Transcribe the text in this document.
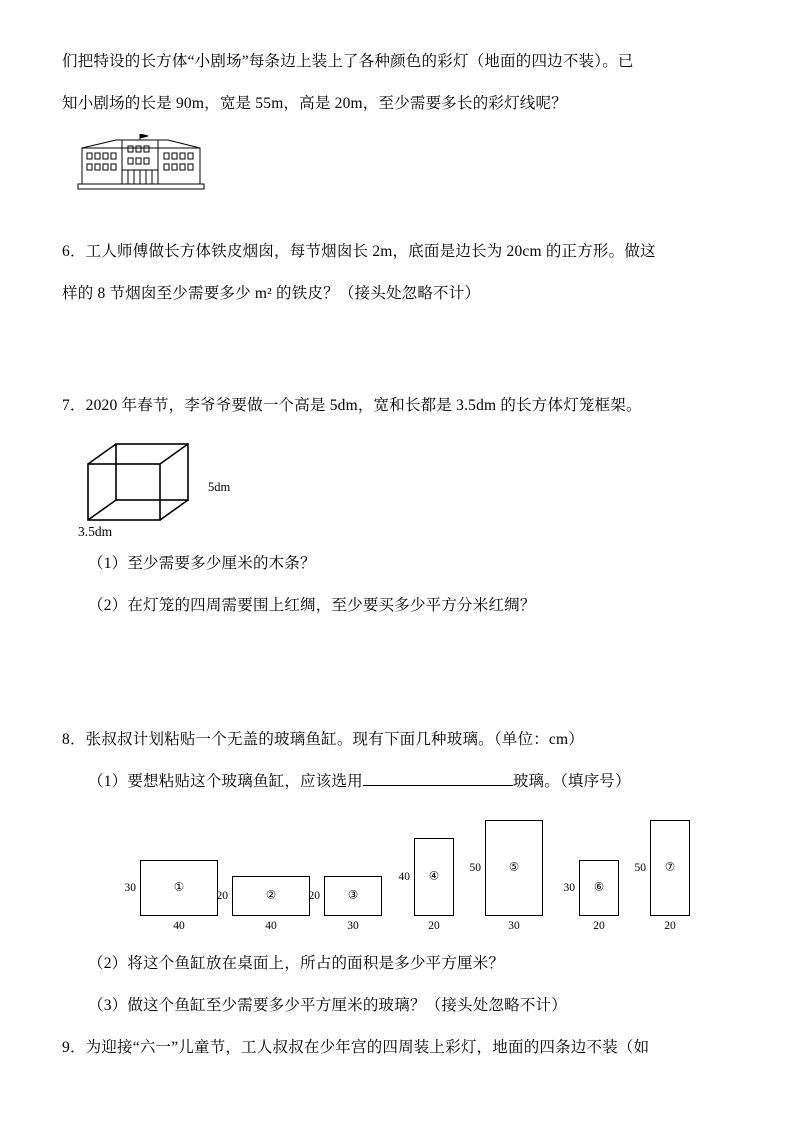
们把特设的长方体“小剧场”每条边上装上了各种颜色的彩灯（地面的四边不装）。已

知小剧场的长是 90m，宽是 55m，高是 20m，至少需要多长的彩灯线呢？

6．工人师傅做长方体铁皮烟囱，每节烟囱长 2m，底面是边长为 20cm 的正方形。做这

样的 8 节烟囱至少需要多少 m² 的铁皮？（接头处忽略不计）

7．2020 年春节，李爷爷要做一个高是 5dm，宽和长都是 3.5dm 的长方体灯笼框架。

5dm
3.5dm

（1）至少需要多少厘米的木条？

（2）在灯笼的四周需要围上红绸，至少要买多少平方分米红绸？

8．张叔叔计划粘贴一个无盖的玻璃鱼缸。现有下面几种玻璃。（单位：cm）

（1）要想粘贴这个玻璃鱼缸，应该选用	玻璃。（填序号）

30	①
40
20	②
40
20 ③
30
40 ④
20
50 ⑤
30
30 ⑥
20
50 ⑦
20

（2）将这个鱼缸放在桌面上，所占的面积是多少平方厘米？

（3）做这个鱼缸至少需要多少平方厘米的玻璃？（接头处忽略不计）

9．为迎接“六一”儿童节，工人叔叔在少年宫的四周装上彩灯，地面的四条边不装（如
